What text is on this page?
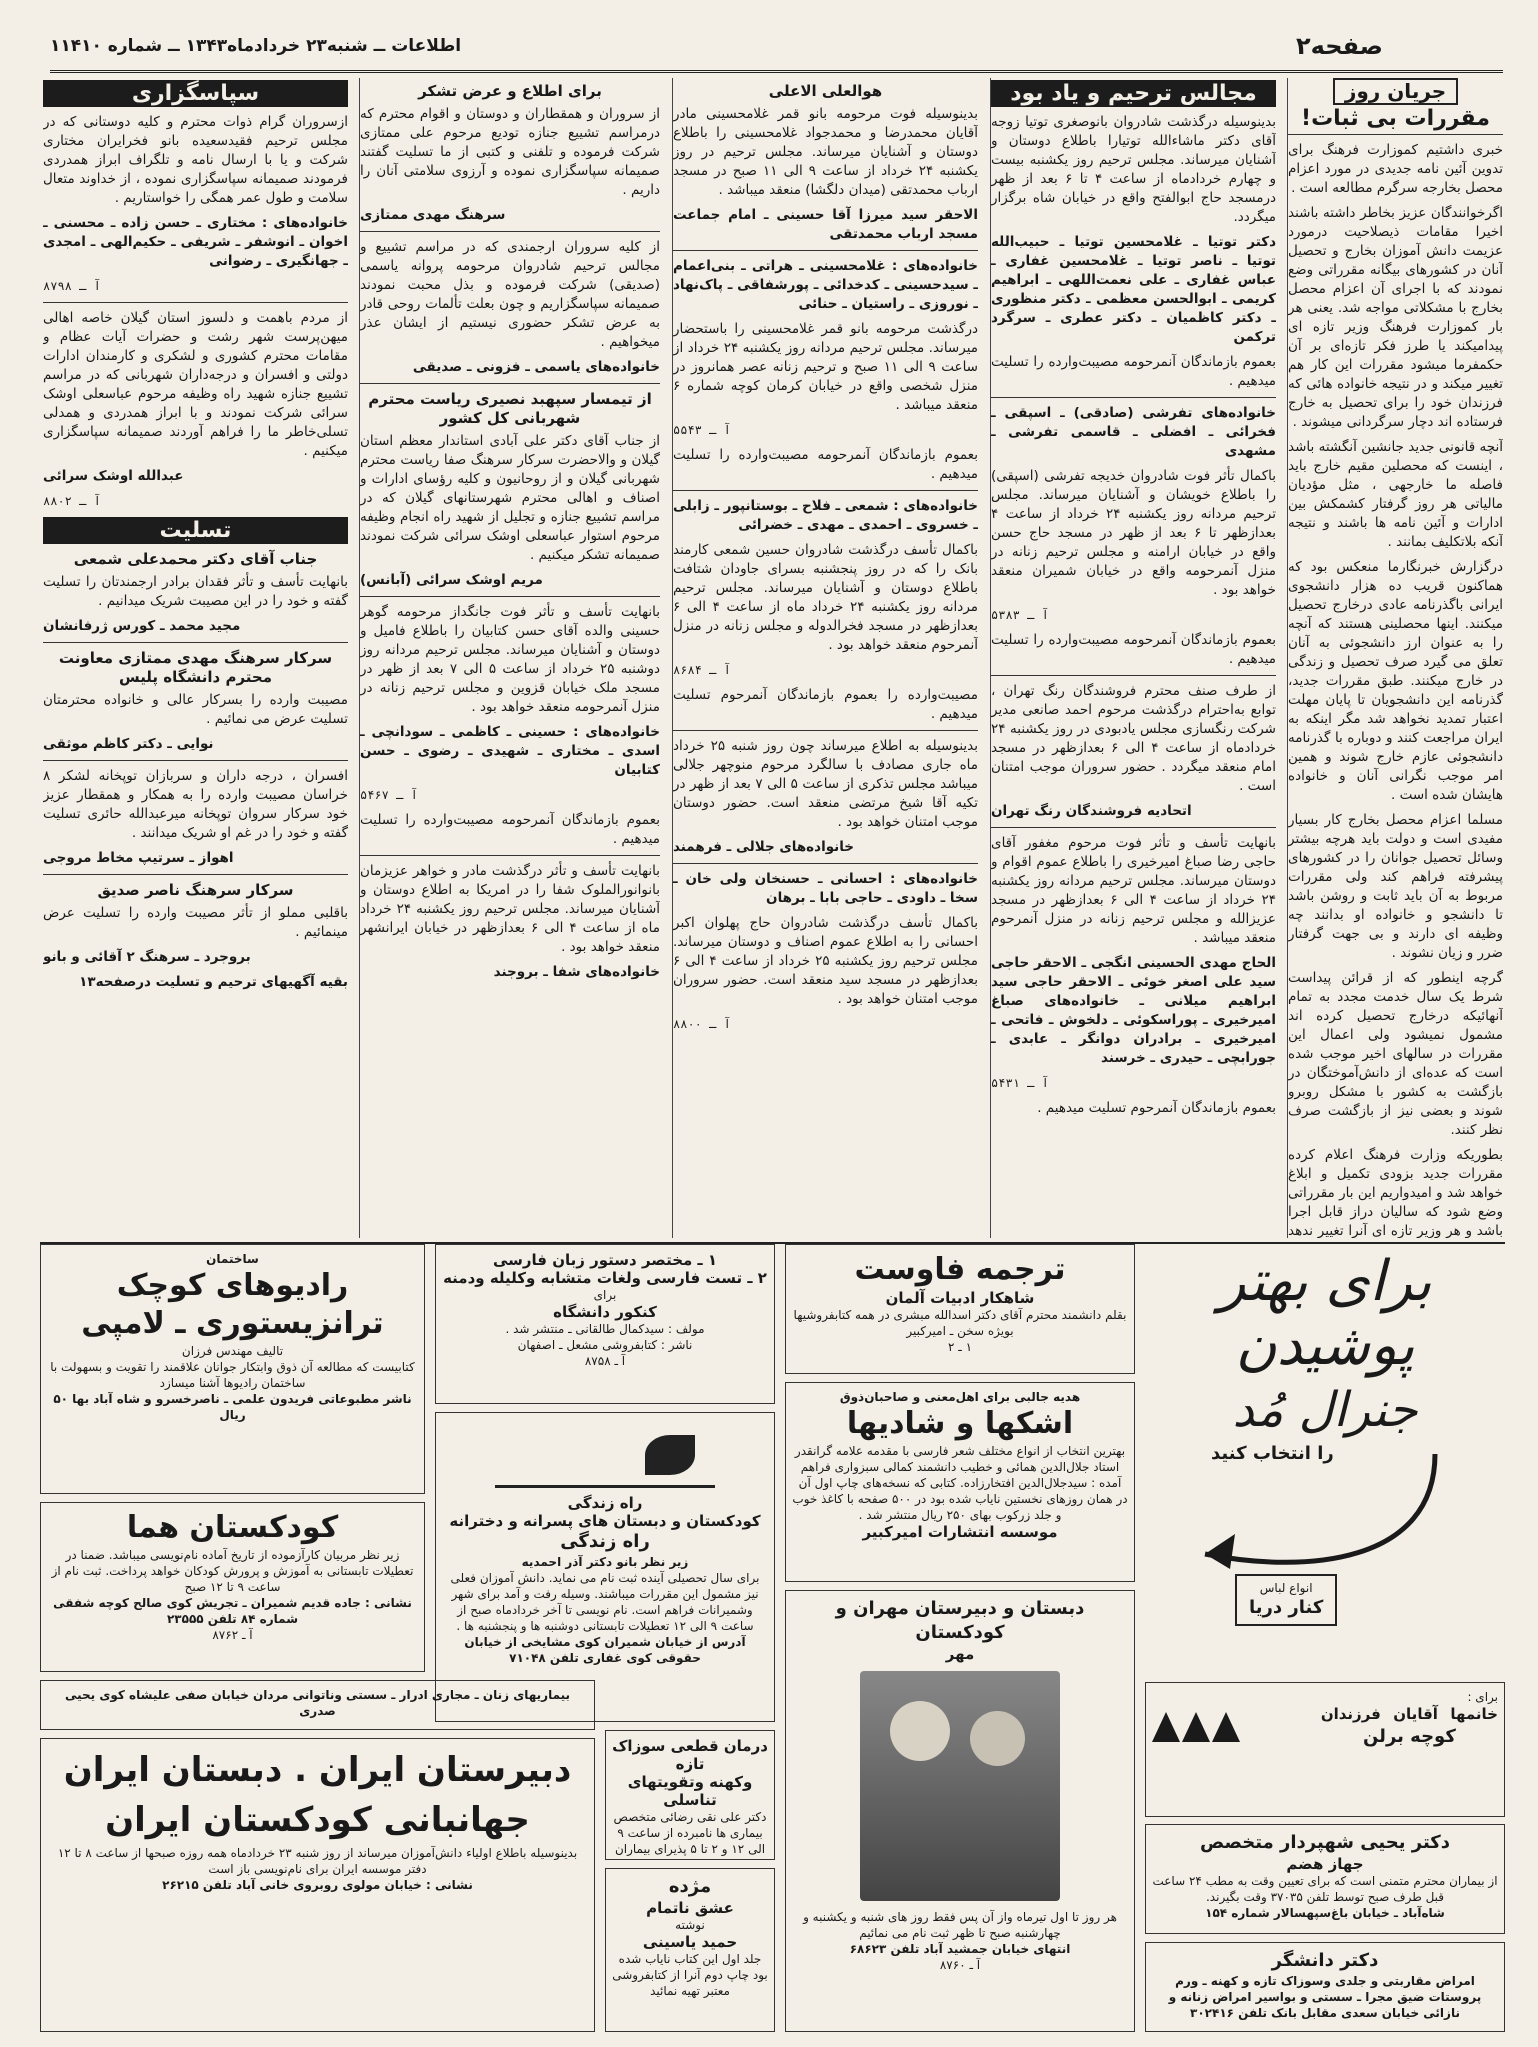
اطلاعات ــ شنبه۲۳ خردادماه۱۳۴۳ ــ شماره ۱۱۴۱۰	صفحه۲
جریان روز
مقررات بی ثبات!

خبری داشتیم کموزارت فرهنگ برای تدوین آئین نامه جدیدی در مورد اعزام محصل بخارجه سرگرم مطالعه است .

اگرخوانندگان عزیز بخاطر داشته باشند اخیرا مقامات ذیصلاحیت درمورد عزیمت دانش آموزان بخارج و تحصیل آنان در کشورهای بیگانه مقرراتی وضع نمودند که با اجرای آن اعزام محصل بخارج با مشکلاتی مواجه شد. یعنی هر بار کموزارت فرهنگ وزیر تازه ای پیدامیکند یا طرز فکر تازه‌ای بر آن حکمفرما میشود مقررات این کار هم تغییر میکند و در نتیجه خانواده هائی که فرزندان خود را برای تحصیل به خارج فرستاده اند دچار سرگردانی میشوند .

آنچه قانونی جدید جانشین آنگشته باشد ، اینست که محصلین مقیم خارج باید فاصله ما خارجهی ، مثل مؤدیان مالیاتی هر روز گرفتار کشمکش بین ادارات و آئین نامه ها باشند و نتیجه آنکه بلاتکلیف بمانند .

درگزارش خبرنگارما منعکس بود که هماکنون قریب ده هزار دانشجوی ایرانی باگذرنامه عادی درخارج تحصیل میکنند. اینها محصلینی هستند که آنچه را به عنوان ارز دانشجوئی به آنان تعلق می گیرد صرف تحصیل و زندگی در خارج میکنند. طبق مقررات جدید، گذرنامه این دانشجویان تا پایان مهلت اعتبار تمدید نخواهد شد مگر اینکه به ایران مراجعت کنند و دوباره با گذرنامه دانشجوئی عازم خارج شوند و همین امر موجب نگرانی آنان و خانواده هایشان شده است .

مسلما اعزام محصل بخارج کار بسیار مفیدی است و دولت باید هرچه بیشتر وسائل تحصیل جوانان را در کشورهای پیشرفته فراهم کند ولی مقررات مربوط به آن باید ثابت و روشن باشد تا دانشجو و خانواده او بدانند چه وظیفه ای دارند و بی جهت گرفتار ضرر و زیان نشوند .

گرچه اینطور که از قرائن پیداست شرط یک سال خدمت مجدد به تمام آنهائیکه درخارج تحصیل کرده اند مشمول نمیشود ولی اعمال این مقررات در سالهای اخیر موجب شده است که عده‌ای از دانش‌آموختگان در بازگشت به کشور با مشکل روبرو شوند و بعضی نیز از بازگشت صرف نظر کنند.

بطوریکه وزارت فرهنگ اعلام کرده مقررات جدید بزودی تکمیل و ابلاغ خواهد شد و امیدواریم این بار مقرراتی وضع شود که سالیان دراز قابل اجرا باشد و هر وزیر تازه ای آنرا تغییر ندهد

مجالس ترحیم و یاد بود

بدینوسیله درگذشت شادروان بانوصغری توتیا زوجه آقای دکتر ماشاءالله توتیارا باطلاع دوستان و آشنایان میرساند. مجلس ترحیم روز یکشنبه بیست و چهارم خردادماه از ساعت ۴ تا ۶ بعد از ظهر درمسجد حاج ابوالفتح واقع در خیابان شاه برگزار میگردد.

دکتر توتیا ـ غلامحسین توتیا ـ حبیب‌الله توتیا ـ ناصر توتیا ـ غلامحسین غفاری ـ عباس غفاری ـ علی نعمت‌اللهی ـ ابراهیم کریمی ـ ابوالحسن معظمی ـ دکتر منظوری ـ دکتر کاظمیان ـ دکتر عطری ـ سرگرد ترکمن

بعموم بازماندگان آنمرحومه مصیبت‌وارده را تسلیت میدهیم .

خانواده‌های تفرشی (صادقی) ـ اسپقی ـ فخرائی ـ افضلی ـ قاسمی تفرشی ـ مشهدی

باکمال تأثر فوت شادروان خدیجه تفرشی (اسپقی) را باطلاع خویشان و آشنایان میرساند. مجلس ترحیم مردانه روز یکشنبه ۲۴ خرداد از ساعت ۴ بعدازظهر تا ۶ بعد از ظهر در مسجد حاج حسن واقع در خیابان ارامنه و مجلس ترحیم زنانه در منزل آنمرحومه واقع در خیابان شمیران منعقد خواهد بود .

آ ـ ۵۳۸۳

بعموم بازماندگان آنمرحومه مصیبت‌وارده را تسلیت میدهیم .

از طرف صنف محترم فروشندگان رنگ تهران ، توابع به‌احترام درگذشت مرحوم احمد صانعی مدیر شرکت رنگسازی مجلس یادبودی در روز یکشنبه ۲۴ خردادماه از ساعت ۴ الی ۶ بعدازظهر در مسجد امام منعقد میگردد . حضور سروران موجب امتنان است .

اتحادیه فروشندگان رنگ تهران

بانهایت تأسف و تأثر فوت مرحوم مغفور آقای حاجی رضا صباغ امیرخیری را باطلاع عموم اقوام و دوستان میرساند. مجلس ترحیم مردانه روز یکشنبه ۲۴ خرداد از ساعت ۴ الی ۶ بعدازظهر در مسجد عزیزالله و مجلس ترحیم زنانه در منزل آنمرحوم منعقد میباشد .

الحاج مهدی الحسینی انگجی ـ الاحقر حاجی سید علی اصغر خوئی ـ الاحقر حاجی سید ابراهیم میلانی ـ خانواده‌های صباغ امیرخیری ـ پوراسکوئی ـ دلخوش ـ فاتحی ـ امیرخیری ـ برادران دوانگر ـ عابدی ـ جورابچی ـ حیدری ـ خرسند

آ ـ ۵۴۳۱

بعموم بازماندگان آنمرحوم تسلیت میدهیم .

هوالعلی الاعلی

بدینوسیله فوت مرحومه بانو قمر غلامحسینی مادر آقایان محمدرضا و محمدجواد غلامحسینی را باطلاع دوستان و آشنایان میرساند. مجلس ترحیم در روز یکشنبه ۲۴ خرداد از ساعت ۹ الی ۱۱ صبح در مسجد ارباب محمدتقی (میدان دلگشا) منعقد میباشد .

الاحقر سید میرزا آقا حسینی ـ امام جماعت مسجد ارباب محمدتقی

خانواده‌های : غلامحسینی ـ هراتی ـ بنی‌اعمام ـ سیدحسینی ـ کدخدائی ـ پورشفاقی ـ پاک‌نهاد ـ نوروزی ـ راستیان ـ حنائی

درگذشت مرحومه بانو قمر غلامحسینی را باستحضار میرساند. مجلس ترحیم مردانه روز یکشنبه ۲۴ خرداد از ساعت ۹ الی ۱۱ صبح و ترحیم زنانه عصر همانروز در منزل شخصی واقع در خیابان کرمان کوچه شماره ۶ منعقد میباشد .

آ ـ ۵۵۴۳

بعموم بازماندگان آنمرحومه مصیبت‌وارده را تسلیت میدهیم .

خانواده‌های : شمعی ـ فلاح ـ بوستانپور ـ زابلی ـ خسروی ـ احمدی ـ مهدی ـ خضرائی

باکمال تأسف درگذشت شادروان حسین شمعی کارمند بانک را که در روز پنجشنبه بسرای جاودان شتافت باطلاع دوستان و آشنایان میرساند. مجلس ترحیم مردانه روز یکشنبه ۲۴ خرداد ماه از ساعت ۴ الی ۶ بعدازظهر در مسجد فخرالدوله و مجلس زنانه در منزل آنمرحوم منعقد خواهد بود .

آ ـ ۸۶۸۴

مصیبت‌وارده را بعموم بازماندگان آنمرحوم تسلیت میدهیم .

بدینوسیله به اطلاع میرساند چون روز شنبه ۲۵ خرداد ماه جاری مصادف با سالگرد مرحوم منوچهر جلالی میباشد مجلس تذکری از ساعت ۵ الی ۷ بعد از ظهر در تکیه آقا شیخ مرتضی منعقد است. حضور دوستان موجب امتنان خواهد بود .

خانواده‌های جلالی ـ فرهمند

خانواده‌های : احسانی ـ حسنخان ولی خان ـ سخا ـ داودی ـ حاجی بابا ـ برهان

باکمال تأسف درگذشت شادروان حاج پهلوان اکبر احسانی را به اطلاع عموم اصناف و دوستان میرساند. مجلس ترحیم روز یکشنبه ۲۵ خرداد از ساعت ۴ الی ۶ بعدازظهر در مسجد سید منعقد است. حضور سروران موجب امتنان خواهد بود .

آ ـ ۸۸۰۰

برای اطلاع و عرض تشکر

از سروران و همقطاران و دوستان و اقوام محترم که درمراسم تشییع جنازه تودیع مرحوم علی ممتازی شرکت فرموده و تلفنی و کتبی از ما تسلیت گفتند صمیمانه سپاسگزاری نموده و آرزوی سلامتی آنان را داریم .

سرهنگ مهدی ممتازی

از کلیه سروران ارجمندی که در مراسم تشییع و مجالس ترحیم شادروان مرحومه پروانه یاسمی (صدیقی) شرکت فرموده و بذل محبت نمودند صمیمانه سپاسگزاریم و چون بعلت تألمات روحی قادر به عرض تشکر حضوری نیستیم از ایشان عذر میخواهیم .

خانواده‌های یاسمی ـ فزونی ـ صدیقی

از تیمسار سپهبد نصیری ریاست محترم شهربانی کل کشور

از جناب آقای دکتر علی آبادی استاندار معظم استان گیلان و والاحضرت سرکار سرهنگ صفا ریاست محترم شهربانی گیلان و از روحانیون و کلیه رؤسای ادارات و اصناف و اهالی محترم شهرستانهای گیلان که در مراسم تشییع جنازه و تجلیل از شهید راه انجام وظیفه مرحوم استوار عباسعلی اوشک سرائی شرکت نمودند صمیمانه تشکر میکنیم .

مریم اوشک سرائی (آبانس)

بانهایت تأسف و تأثر فوت جانگداز مرحومه گوهر حسینی والده آقای حسن کتابیان را باطلاع فامیل و دوستان و آشنایان میرساند. مجلس ترحیم مردانه روز دوشنبه ۲۵ خرداد از ساعت ۵ الی ۷ بعد از ظهر در مسجد ملک خیابان قزوین و مجلس ترحیم زنانه در منزل آنمرحومه منعقد خواهد بود .

خانواده‌های : حسینی ـ کاظمی ـ سودانچی ـ اسدی ـ مختاری ـ شهیدی ـ رضوی ـ حسن کتابیان

آ ـ ۵۴۶۷

بعموم بازماندگان آنمرحومه مصیبت‌وارده را تسلیت میدهیم .

بانهایت تأسف و تأثر درگذشت مادر و خواهر عزیزمان بانوانورالملوک شفا را در امریکا به اطلاع دوستان و آشنایان میرساند. مجلس ترحیم روز یکشنبه ۲۴ خرداد ماه از ساعت ۴ الی ۶ بعدازظهر در خیابان ایرانشهر منعقد خواهد بود .

خانواده‌های شفا ـ بروجند

سپاسگزاری

ازسروران گرام ذوات محترم و کلیه دوستانی که در مجلس ترحیم فقیدسعیده بانو فخرایران مختاری شرکت و یا با ارسال نامه و تلگراف ابراز همدردی فرمودند صمیمانه سپاسگزاری نموده ، از خداوند متعال سلامت و طول عمر همگی را خواستاریم .

خانواده‌های : مختاری ـ حسن زاده ـ محسنی ـ اخوان ـ انوشفر ـ شریفی ـ حکیم‌الهی ـ امجدی ـ جهانگیری ـ رضوانی

آ ـ ۸۷۹۸

از مردم باهمت و دلسوز استان گیلان خاصه اهالی میهن‌پرست شهر رشت و حضرات آیات عظام و مقامات محترم کشوری و لشکری و کارمندان ادارات دولتی و افسران و درجه‌داران شهربانی که در مراسم تشییع جنازه شهید راه وظیفه مرحوم عباسعلی اوشک سرائی شرکت نمودند و با ابراز همدردی و همدلی تسلی‌خاطر ما را فراهم آوردند صمیمانه سپاسگزاری میکنیم .

عبدالله اوشک سرائی

آ ـ ۸۸۰۲

تسلیت
جناب آقای دکتر محمدعلی شمعی

بانهایت تأسف و تأثر فقدان برادر ارجمندتان را تسلیت گفته و خود را در این مصیبت شریک میدانیم .

مجید محمد ـ کورس ژرفانشان

سرکار سرهنگ مهدی ممتازی معاونت محترم دانشگاه پلیس

مصیبت وارده را بسرکار عالی و خانواده محترمتان تسلیت عرض می نمائیم .

نوایی ـ دکتر کاظم موثقی

افسران ، درجه داران و سربازان توپخانه لشکر ۸ خراسان مصیبت وارده را به همکار و همقطار عزیز خود سرکار سروان توپخانه میرعبدالله حائری تسلیت گفته و خود را در غم او شریک میدانند .

اهواز ـ سرتیپ مخاط مروجی

سرکار سرهنگ ناصر صدیق

باقلبی مملو از تأثر مصیبت وارده را تسلیت عرض مینمائیم .

بروجرد ـ سرهنگ ۲ آقائی و بانو

بقیه آگهیهای ترحیم و تسلیت درصفحه۱۳

برای بهتر پوشیدن
جنرال مُد
را انتخاب کنید
انواع لباس
کنار دریا
برای :
خانمها   آقایان   فرزندان
کوچه برلن
دکتر یحیی شهپردار متخصص
جهاز هضم
از بیماران محترم متمنی است که برای تعیین وقت به مطب ۲۴ ساعت قبل طرف صبح توسط تلفن ۳۷۰۳۵ وقت بگیرند.
شاه‌آباد ـ خیابان باغ‌سپهسالار شماره ۱۵۴
دکتر دانشگر
امراض مقاربتی و جلدی وسوزاک تازه و کهنه ـ ورم پروستات ضیق مجرا ـ سستی و بواسیر امراض زنانه و نازائی خیابان سعدی مقابل بانک تلفن ۳۰۲۴۱۶
ترجمه فاوست
شاهکار ادبیات آلمان
بقلم دانشمند محترم آقای دکتر اسدالله مبشری در همه کتابفروشیها بویژه سخن ـ امیرکبیر
۱ ـ ۲
هدیه جالبی برای اهل‌معنی و صاحبان‌ذوق
اشکها و شادیها
بهترین انتخاب از انواع مختلف شعر فارسی با مقدمه علامه گرانقدر استاد جلال‌الدین همائی و خطیب دانشمند کمالی سبزواری فراهم آمده : سیدجلال‌الدین افتخارزاده. کتابی که نسخه‌های چاپ اول آن در همان روزهای نخستین نایاب شده بود در ۵۰۰ صفحه با کاغذ خوب و جلد زرکوب بهای ۲۵۰ ریال منتشر شد .
موسسه انتشارات امیرکبیر
دبستان و دبیرستان مهران و کودکستان
مهر
هر روز تا اول تیرماه واز آن پس فقط روز های شنبه و یکشنبه و چهارشنبه صبح تا ظهر ثبت نام می نمائیم
انتهای خیابان جمشید آباد تلفن ۶۸۶۲۳
آ ـ ۸۷۶۰
۱ ـ مختصر دستور زبان فارسی
۲ ـ تست فارسی ولغات متشابه وکلیله ودمنه
برای
کنکور دانشگاه
مولف : سیدکمال طالقانی ـ منتشر شد .
ناشر : کتابفروشی مشعل ـ اصفهان
آ ـ ۸۷۵۸
راه زندگی
کودکستان و دبستان های پسرانه و دخترانه
راه زندگی
زیر نظر بانو دکتر آذر احمدیه
برای سال تحصیلی آینده ثبت نام می نماید. دانش آموزان فعلی نیز مشمول این مقررات میباشند. وسیله رفت و آمد برای شهر وشمیرانات فراهم است. نام نویسی تا آخر خردادماه صبح از ساعت ۹ الی ۱۲ تعطیلات تابستانی دوشنبه ها و پنجشنبه ها .
آدرس از خیابان شمیران کوی مشایخی از خیابان حقوقی کوی غفاری تلفن ۷۱۰۴۸
درمان قطعی سوزاک تازه
وکهنه وتقویتهای تناسلی
دکتر علی نقی رضائی متخصص بیماری ها نامبرده از ساعت ۹ الی ۱۲ و ۲ تا ۵ پذیرای بیماران
مژده
عشق ناتمام
نوشته
حمید یاسینی
جلد اول این کتاب نایاب شده بود چاپ دوم آنرا از کتابفروشی معتبر تهیه نمائید
ساختمان
رادیوهای کوچک
ترانزیستوری ـ لامپی
تالیف مهندس فرزان
کتابیست که مطالعه آن ذوق وابتکار جوانان علاقمند را تقویت و بسهولت با ساختمان رادیوها آشنا میسازد
ناشر مطبوعاتی فریدون علمی ـ ناصرخسرو و شاه آباد بها ۵۰ ریال
کودکستان هما
زیر نظر مربیان کارآزموده از تاریخ آماده نام‌نویسی میباشد. ضمنا در تعطیلات تابستانی به آموزش و پرورش کودکان خواهد پرداخت. ثبت نام از ساعت ۹ تا ۱۲ صبح
نشانی : جاده قدیم شمیران ـ تجریش کوی صالح کوچه شفقی شماره ۸۴ تلفن ۲۳۵۵۵
آ ـ ۸۷۶۲
بیماریهای زنان ـ مجاری ادرار ـ سستی وناتوانی مردان خیابان صفی علیشاه کوی یحیی صدری
دبیرستان ایران . دبستان ایران
جهانبانی کودکستان ایران
بدینوسیله باطلاع اولیاء دانش‌آموزان میرساند از روز شنبه ۲۳ خردادماه همه روزه صبحها از ساعت ۸ تا ۱۲ دفتر موسسه ایران برای نام‌نویسی باز است
نشانی : خیابان مولوی روبروی خانی آباد تلفن ۲۶۲۱۵
